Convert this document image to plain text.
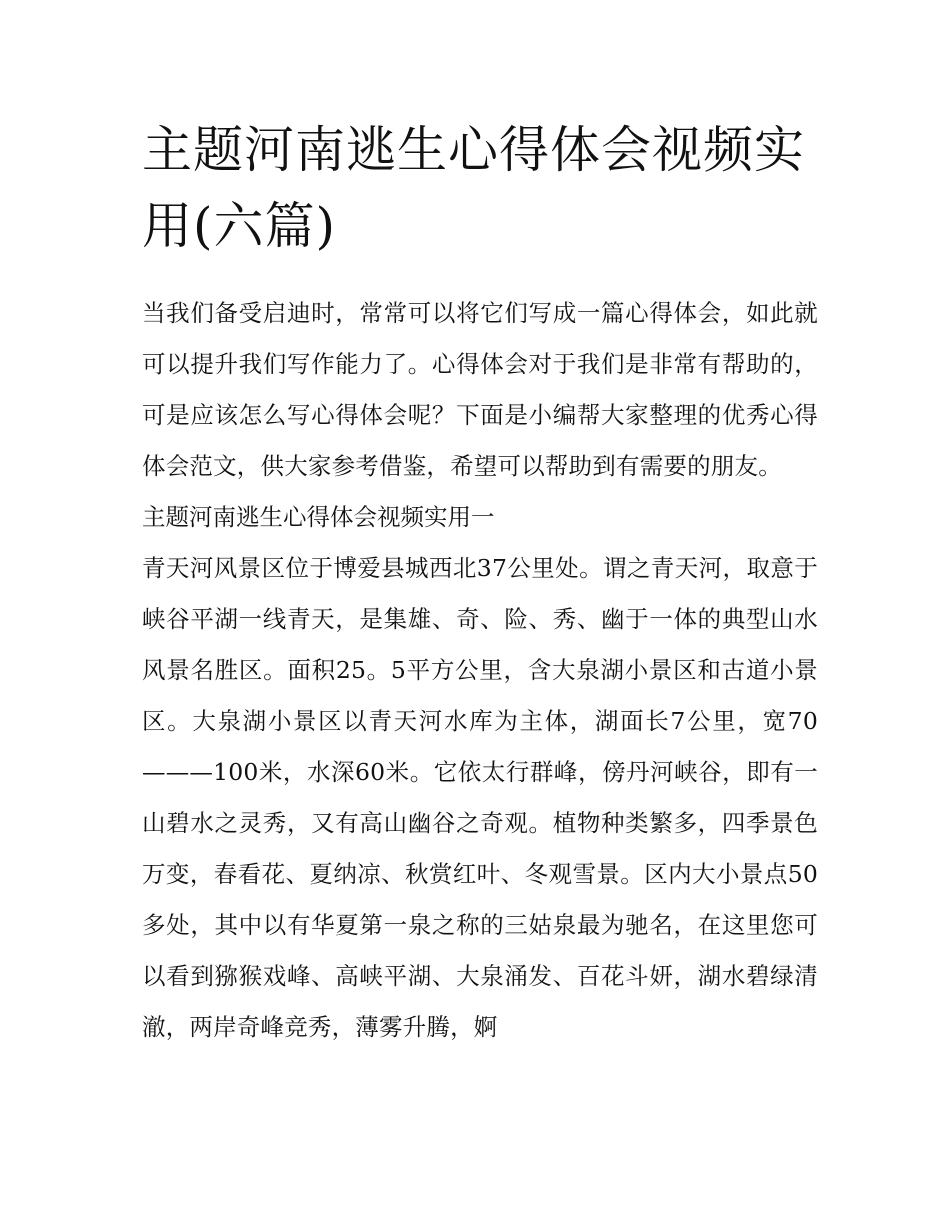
主题河南逃生心得体会视频实用(六篇)

当我们备受启迪时，常常可以将它们写成一篇心得体会，如此就可以提升我们写作能力了。心得体会对于我们是非常有帮助的，可是应该怎么写心得体会呢？下面是小编帮大家整理的优秀心得体会范文，供大家参考借鉴，希望可以帮助到有需要的朋友。

主题河南逃生心得体会视频实用一

青天河风景区位于博爱县城西北37公里处。谓之青天河，取意于峡谷平湖一线青天，是集雄、奇、险、秀、幽于一体的典型山水风景名胜区。面积25。5平方公里，含大泉湖小景区和古道小景区。大泉湖小景区以青天河水库为主体，湖面长7公里，宽70———100米，水深60米。它依太行群峰，傍丹河峡谷，即有一山碧水之灵秀，又有高山幽谷之奇观。植物种类繁多，四季景色万变，春看花、夏纳凉、秋赏红叶、冬观雪景。区内大小景点50多处，其中以有华夏第一泉之称的三姑泉最为驰名，在这里您可以看到猕猴戏峰、高峡平湖、大泉涌发、百花斗妍，湖水碧绿清澈，两岸奇峰竞秀，薄雾升腾，婀
